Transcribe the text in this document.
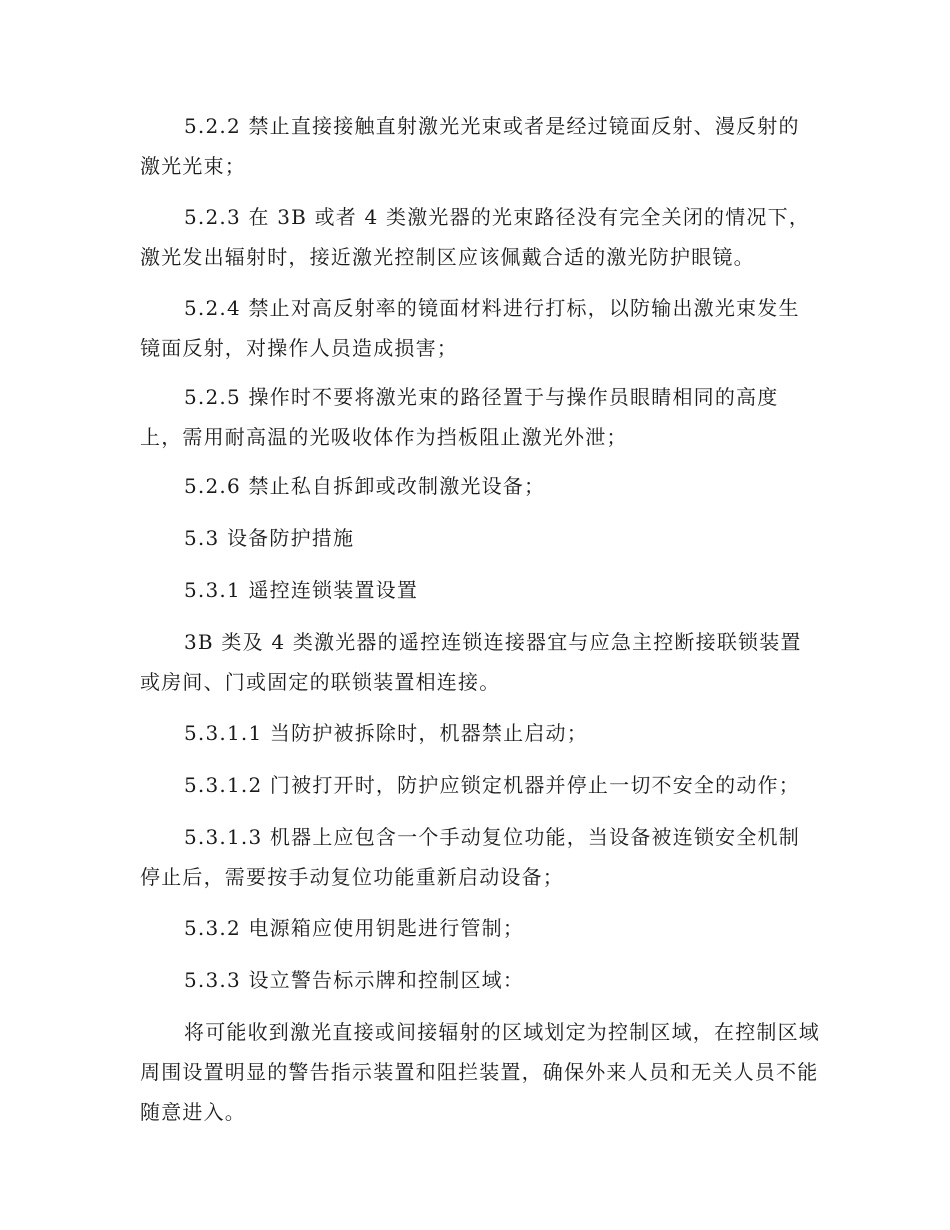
5.2.2 禁止直接接触直射激光光束或者是经过镜面反射、漫反射的激光光束；

5.2.3 在 3B 或者 4 类激光器的光束路径没有完全关闭的情况下，激光发出辐射时，接近激光控制区应该佩戴合适的激光防护眼镜。

5.2.4 禁止对高反射率的镜面材料进行打标，以防输出激光束发生镜面反射，对操作人员造成损害；

5.2.5 操作时不要将激光束的路径置于与操作员眼睛相同的高度上，需用耐高温的光吸收体作为挡板阻止激光外泄；

5.2.6 禁止私自拆卸或改制激光设备；

5.3 设备防护措施

5.3.1 遥控连锁装置设置

3B 类及 4 类激光器的遥控连锁连接器宜与应急主控断接联锁装置或房间、门或固定的联锁装置相连接。

5.3.1.1 当防护被拆除时，机器禁止启动；

5.3.1.2 门被打开时，防护应锁定机器并停止一切不安全的动作；

5.3.1.3 机器上应包含一个手动复位功能，当设备被连锁安全机制停止后，需要按手动复位功能重新启动设备；

5.3.2 电源箱应使用钥匙进行管制；

5.3.3 设立警告标示牌和控制区域：

将可能收到激光直接或间接辐射的区域划定为控制区域，在控制区域周围设置明显的警告指示装置和阻拦装置，确保外来人员和无关人员不能随意进入。
